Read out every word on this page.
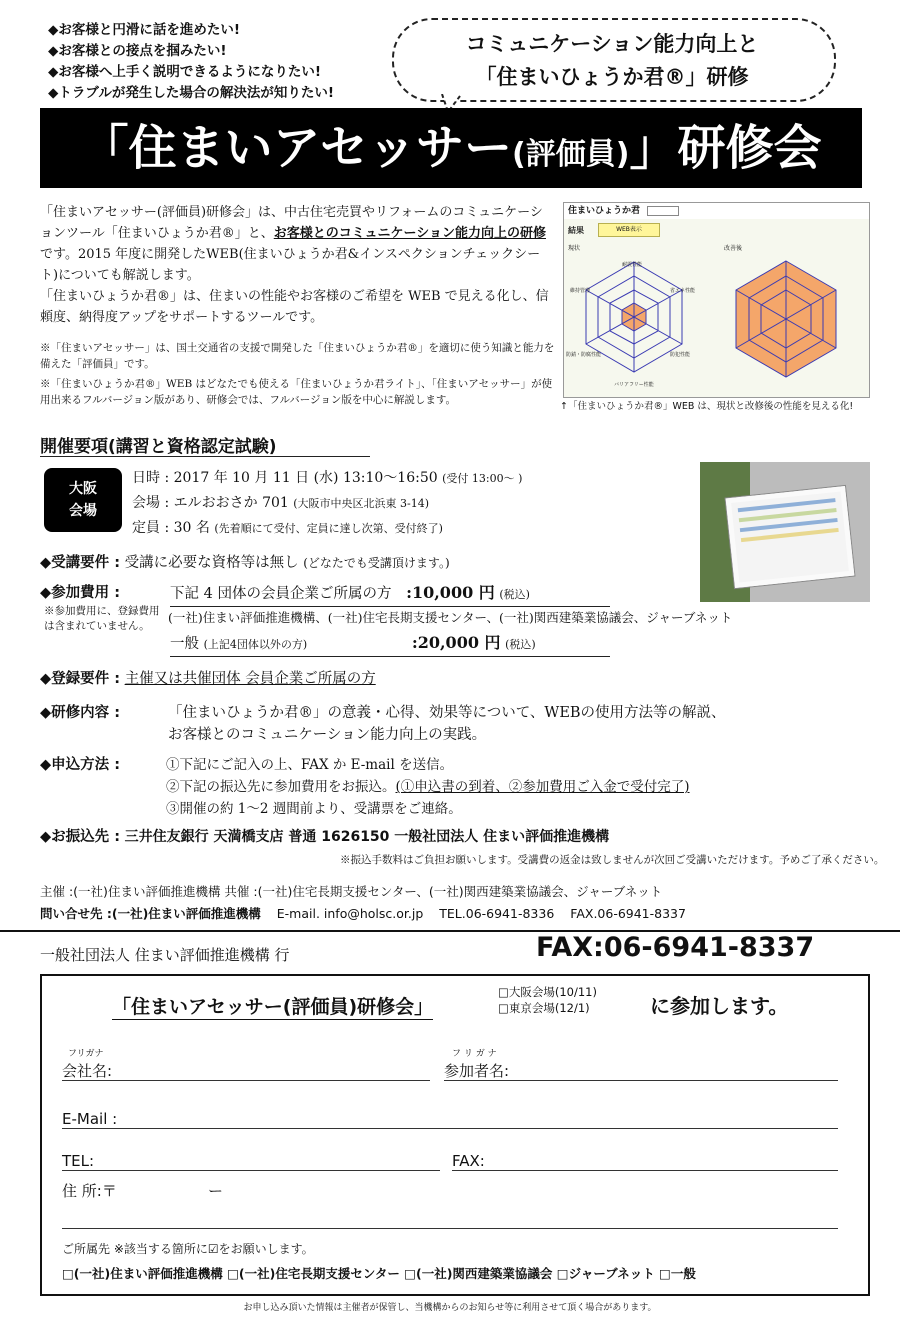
◆お客様と円滑に話を進めたい!
◆お客様との接点を掴みたい!
◆お客様へ上手く説明できるようになりたい!
◆トラブルが発生した場合の解決法が知りたい!
コミュニケーション能力向上と
「住まいひょうか君®」研修
「住まいアセッサー(評価員)」研修会

「住まいアセッサー(評価員)研修会」は、中古住宅売買やリフォームのコミュニケーションツール「住まいひょうか君®」と、お客様とのコミュニケーション能力向上の研修です。2015 年度に開発したWEB(住まいひょうか君&インスペクションチェックシート)についても解説します。

「住まいひょうか君®」は、住まいの性能やお客様のご希望を WEB で見える化し、信頼度、納得度アップをサポートするツールです。

※「住まいアセッサー」は、国土交通省の支援で開発した「住まいひょうか君®」を適切に使う知識と能力を備えた「評価員」です。

※「住まいひょうか君®」WEB はどなたでも使える「住まいひょうか君ライト」、「住まいアセッサー」が使用出来るフルバージョン版があり、研修会では、フルバージョン版を中心に解説します。

住まいひょうか君
結果	WEB表示
現状	改善後
耐震性能
省エネ性能
防犯性能
バリアフリー性能
防錆・防腐性能
維持管理
↑「住まいひょうか君®」WEB は、現状と改修後の性能を見える化!
開催要項(講習と資格認定試験)
大阪
会場
日時 : 2017 年 10 月 11 日 (水) 13:10〜16:50 (受付 13:00〜 )
会場 : エルおおさか 701 (大阪市中央区北浜東 3-14)
定員 : 30 名 (先着順にて受付、定員に達し次第、受付終了)
◆受講要件 : 受講に必要な資格等は無し (どなたでも受講頂けます。)
◆参加費用 :	下記 4 団体の会員企業ご所属の方 :10,000 円 (税込)
※参加費用に、登録費用は含まれていません。
(一社)住まい評価推進機構、(一社)住宅長期支援センター、(一社)関西建築業協議会、ジャーブネット
一般 (上記4団体以外の方)	:20,000 円 (税込)
◆登録要件 : 主催又は共催団体 会員企業ご所属の方
◆研修内容 :	「住まいひょうか君®」の意義・心得、効果等について、WEBの使用方法等の解説、
お客様とのコミュニケーション能力向上の実践。
◆申込方法 :	①下記にご記入の上、FAX か E-mail を送信。
②下記の振込先に参加費用をお振込。(①申込書の到着、②参加費用ご入金で受付完了)
③開催の約 1〜2 週間前より、受講票をご連絡。
◆お振込先 : 三井住友銀行 天満橋支店 普通 1626150 一般社団法人 住まい評価推進機構
※振込手数料はご負担お願いします。受講費の返金は致しませんが次回ご受講いただけます。予めご了承ください。
主催 :(一社)住まい評価推進機構 共催 :(一社)住宅長期支援センター、(一社)関西建築業協議会、ジャーブネット
問い合せ先 :(一社)住まい評価推進機構 E-mail. info@holsc.or.jp TEL.06-6941-8336 FAX.06-6941-8337
一般社団法人 住まい評価推進機構 行	FAX:06-6941-8337
「住まいアセッサー(評価員)研修会」
□大阪会場(10/11)
□東京会場(12/1)	に参加します。
フリガナ
会社名:
フ リ ガ ナ
参加者名:
E-Mail :
TEL:	FAX:
住 所:〒	ー
ご所属先 ※該当する箇所に☑をお願いします。
□(一社)住まい評価推進機構 □(一社)住宅長期支援センター □(一社)関西建築業協議会 □ジャーブネット □一般
お申し込み頂いた情報は主催者が保管し、当機構からのお知らせ等に利用させて頂く場合があります。
